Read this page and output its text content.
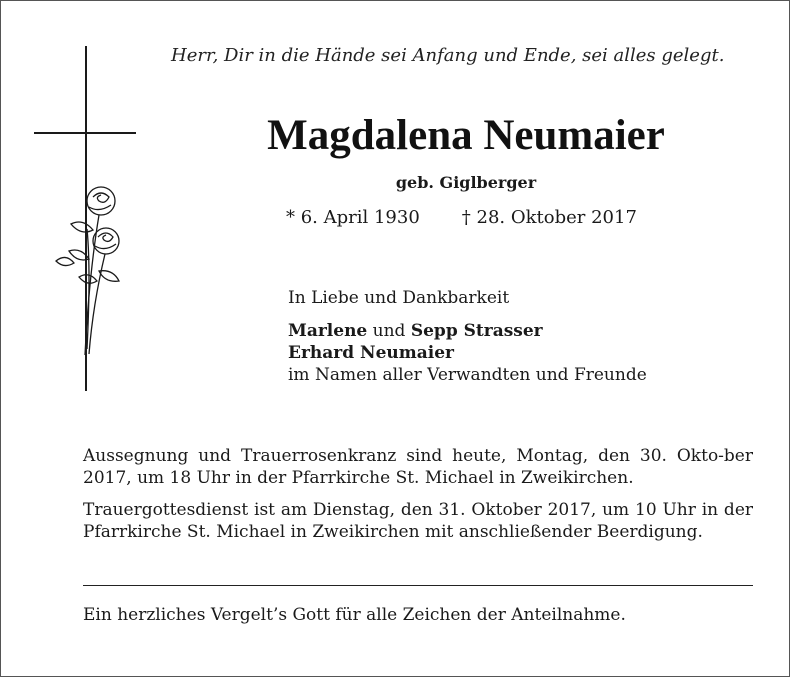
Herr, Dir in die Hände sei Anfang und Ende, sei alles gelegt.
Magdalena Neumaier
geb. Giglberger
* 6. April 1930 † 28. Oktober 2017
In Liebe und Dankbarkeit
Marlene und Sepp Strasser
Erhard Neumaier
im Namen aller Verwandten und Freunde
Aussegnung und Trauerrosenkranz sind heute, Montag, den 30. Okto-ber 2017, um 18 Uhr in der Pfarrkirche St. Michael in Zweikirchen.
Trauergottesdienst ist am Dienstag, den 31. Oktober 2017, um 10 Uhr in der Pfarrkirche St. Michael in Zweikirchen mit anschließender Beerdigung.
Ein herzliches Vergelt’s Gott für alle Zeichen der Anteilnahme.
